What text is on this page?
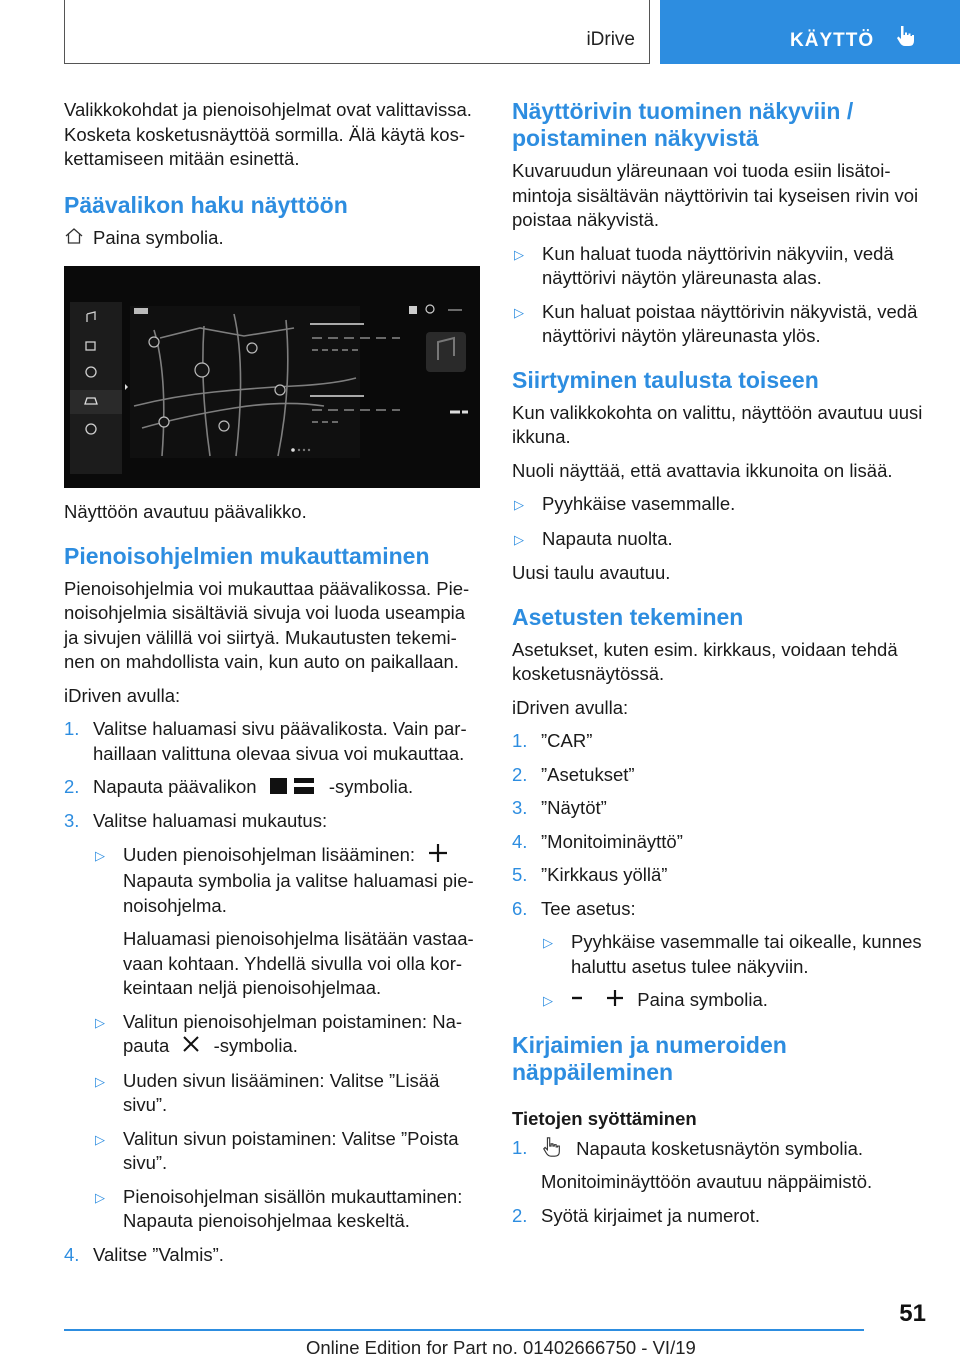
iDrive	KÄYTTÖ

Valikkokohdat ja pienoisohjelmat ovat valittavissa. Kosketa kosketusnäyttöä sormilla. Älä käytä koskettamiseen mitään esinettä.

Päävalikon haku näyttöön
Paina symbolia.

Näyttöön avautuu päävalikko.

Pienoisohjelmien mukauttaminen

Pienoisohjelmia voi mukauttaa päävalikossa. Pienoisohjelmia sisältäviä sivuja voi luoda useampia ja sivujen välillä voi siirtyä. Mukautusten tekeminen on mahdollista vain, kun auto on paikallaan.

iDriven avulla:

1. Valitse haluamasi sivu päävalikosta. Vain parhaillaan valittuna olevaa sivua voi mukauttaa.
2. Napauta päävalikon	-symbolia.
3. Valitse haluamasi mukautus:
▷ Uuden pienoisohjelman lisääminen:

Napauta symbolia ja valitse haluamasi pienoisohjelma.

Haluamasi pienoisohjelma lisätään vastaavaan kohtaan. Yhdellä sivulla voi olla korkeintaan neljä pienoisohjelmaa.

▷ Valitun pienoisohjelman poistaminen: Napauta -symbolia.
▷ Uuden sivun lisääminen: Valitse ”Lisää sivu”.
▷ Valitun sivun poistaminen: Valitse ”Poista sivu”.
▷ Pienoisohjelman sisällön mukauttaminen: Napauta pienoisohjelmaa keskeltä.
4. Valitse ”Valmis”.
Näyttörivin tuominen näkyviin / poistaminen näkyvistä

Kuvaruudun yläreunaan voi tuoda esiin lisätoimintoja sisältävän näyttörivin tai kyseisen rivin voi poistaa näkyvistä.

▷ Kun haluat tuoda näyttörivin näkyviin, vedä näyttörivi näytön yläreunasta alas.
▷ Kun haluat poistaa näyttörivin näkyvistä, vedä näyttörivi näytön yläreunasta ylös.
Siirtyminen taulusta toiseen

Kun valikkokohta on valittu, näyttöön avautuu uusi ikkuna.

Nuoli näyttää, että avattavia ikkunoita on lisää.

▷ Pyyhkäise vasemmalle.
▷ Napauta nuolta.

Uusi taulu avautuu.

Asetusten tekeminen

Asetukset, kuten esim. kirkkaus, voidaan tehdä kosketusnäytössä.

iDriven avulla:

1. ”CAR”
2. ”Asetukset”
3. ”Näytöt”
4. ”Monitoiminäyttö”
5. ”Kirkkaus yöllä”
6. Tee asetus:
▷ Pyyhkäise vasemmalle tai oikealle, kunnes haluttu asetus tulee näkyviin.
▷	Paina symbolia.
Kirjaimien ja numeroiden näppäileminen
Tietojen syöttäminen
1.	Napauta kosketusnäytön symbolia.

Monitoiminäyttöön avautuu näppäimistö.

2. Syötä kirjaimet ja numerot.
51
Online Edition for Part no. 01402666750 - VI/19
